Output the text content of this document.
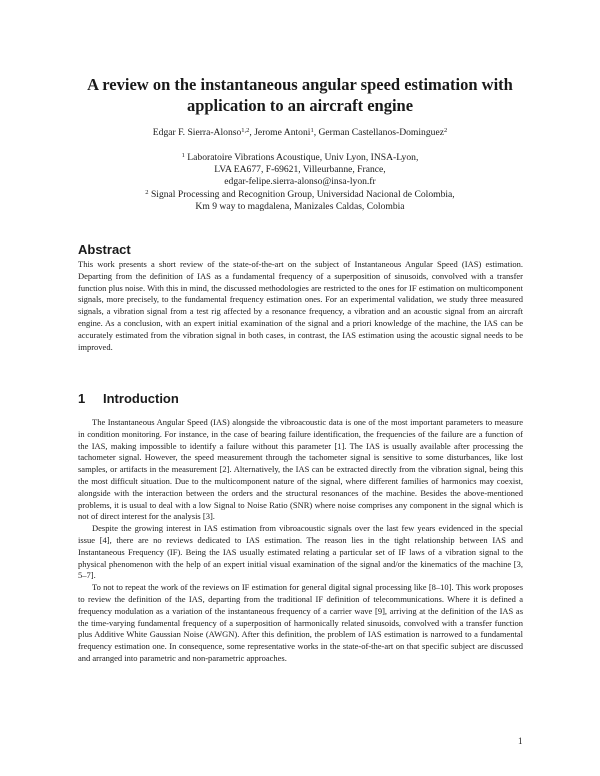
A review on the instantaneous angular speed estimation with application to an aircraft engine
Edgar F. Sierra-Alonso$^{1,2}$, Jerome Antoni$^1$, German Castellanos-Dominguez$^2$
$^1$ Laboratoire Vibrations Acoustique, Univ Lyon, INSA-Lyon,
LVA EA677, F-69621, Villeurbanne, France,
edgar-felipe.sierra-alonso@insa-lyon.fr
$^2$ Signal Processing and Recognition Group, Universidad Nacional de Colombia,
Km 9 way to magdalena, Manizales Caldas, Colombia
Abstract

This work presents a short review of the state-of-the-art on the subject of Instantaneous Angular Speed (IAS) estimation. Departing from the definition of IAS as a fundamental frequency of a superposition of sinusoids, convolved with a transfer function plus noise. With this in mind, the discussed methodologies are restricted to the ones for IF estimation on multicomponent signals, more precisely, to the fundamental frequency estimation ones. For an experimental validation, we study three measured signals, a vibration signal from a test rig affected by a resonance frequency, a vibration and an acoustic signal from an aircraft engine. As a conclusion, with an expert initial examination of the signal and a priori knowledge of the machine, the IAS can be accurately estimated from the vibration signal in both cases, in contrast, the IAS estimation using the acoustic signal needs to be improved.

1 Introduction

The Instantaneous Angular Speed (IAS) alongside the vibroacoustic data is one of the most important parameters to measure in condition monitoring. For instance, in the case of bearing failure identification, the frequencies of the failure are a function of the IAS, making impossible to identify a failure without this parameter [1]. The IAS is usually available after processing the tachometer signal. However, the speed measurement through the tachometer signal is sensitive to some disturbances, like lost samples, or artifacts in the measurement [2]. Alternatively, the IAS can be extracted directly from the vibration signal, being this the most difficult situation. Due to the multicomponent nature of the signal, where different families of harmonics may coexist, alongside with the interaction between the orders and the structural resonances of the machine. Besides the above-mentioned problems, it is usual to deal with a low Signal to Noise Ratio (SNR) where noise comprises any component in the signal which is not of direct interest for the analysis [3].

Despite the growing interest in IAS estimation from vibroacoustic signals over the last few years evidenced in the special issue [4], there are no reviews dedicated to IAS estimation. The reason lies in the tight relationship between IAS and Instantaneous Frequency (IF). Being the IAS usually estimated relating a particular set of IF laws of a vibration signal to the physical phenomenon with the help of an expert initial visual examination of the signal and/or the kinematics of the machine [3, 5–7].

To not to repeat the work of the reviews on IF estimation for general digital signal processing like [8–10]. This work proposes to review the definition of the IAS, departing from the traditional IF definition of telecommunications. Where it is defined a frequency modulation as a variation of the instantaneous frequency of a carrier wave [9], arriving at the definition of the IAS as the time-varying fundamental frequency of a superposition of harmonically related sinusoids, convolved with a transfer function plus Additive White Gaussian Noise (AWGN). After this definition, the problem of IAS estimation is narrowed to a fundamental frequency estimation one. In consequence, some representative works in the state-of-the-art on that specific subject are discussed and arranged into parametric and non-parametric approaches.

1
